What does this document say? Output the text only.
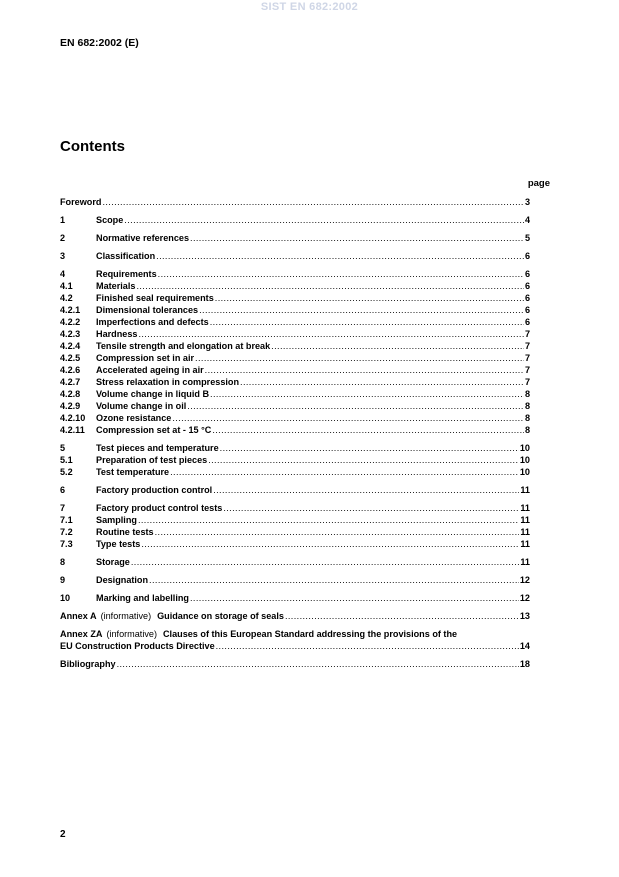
SIST EN 682:2002
EN 682:2002 (E)
Contents
page
Foreword .....	3
1	Scope .....	4
2	Normative references .....	5
3	Classification .....	6
4	Requirements .....	6
4.1	Materials .....	6
4.2	Finished seal requirements .....	6
4.2.1 Dimensional tolerances .....	6
4.2.2 Imperfections and defects .....	6
4.2.3 Hardness .....	7
4.2.4 Tensile strength and elongation at break .....	7
4.2.5 Compression set in air .....	7
4.2.6 Accelerated ageing in air .....	7
4.2.7 Stress relaxation in compression .....	7
4.2.8 Volume change in liquid B .....	8
4.2.9 Volume change in oil .....	8
4.2.10 Ozone resistance .....	8
4.2.11 Compression set at - 15 °C .....	8
5	Test pieces and temperature .....	10
5.1	Preparation of test pieces .....	10
5.2	Test temperature .....	10
6	Factory production control .....	11
7	Factory product control tests .....	11
7.1	Sampling .....	11
7.2	Routine tests .....	11
7.3	Type tests .....	11
8	Storage .....	11
9	Designation .....	12
10	Marking and labelling .....	12
Annex A (informative) Guidance on storage of seals .....	13
Annex ZA (informative) Clauses of this European Standard addressing the provisions of the
EU Construction Products Directive .....	14
Bibliography .....	18
2
